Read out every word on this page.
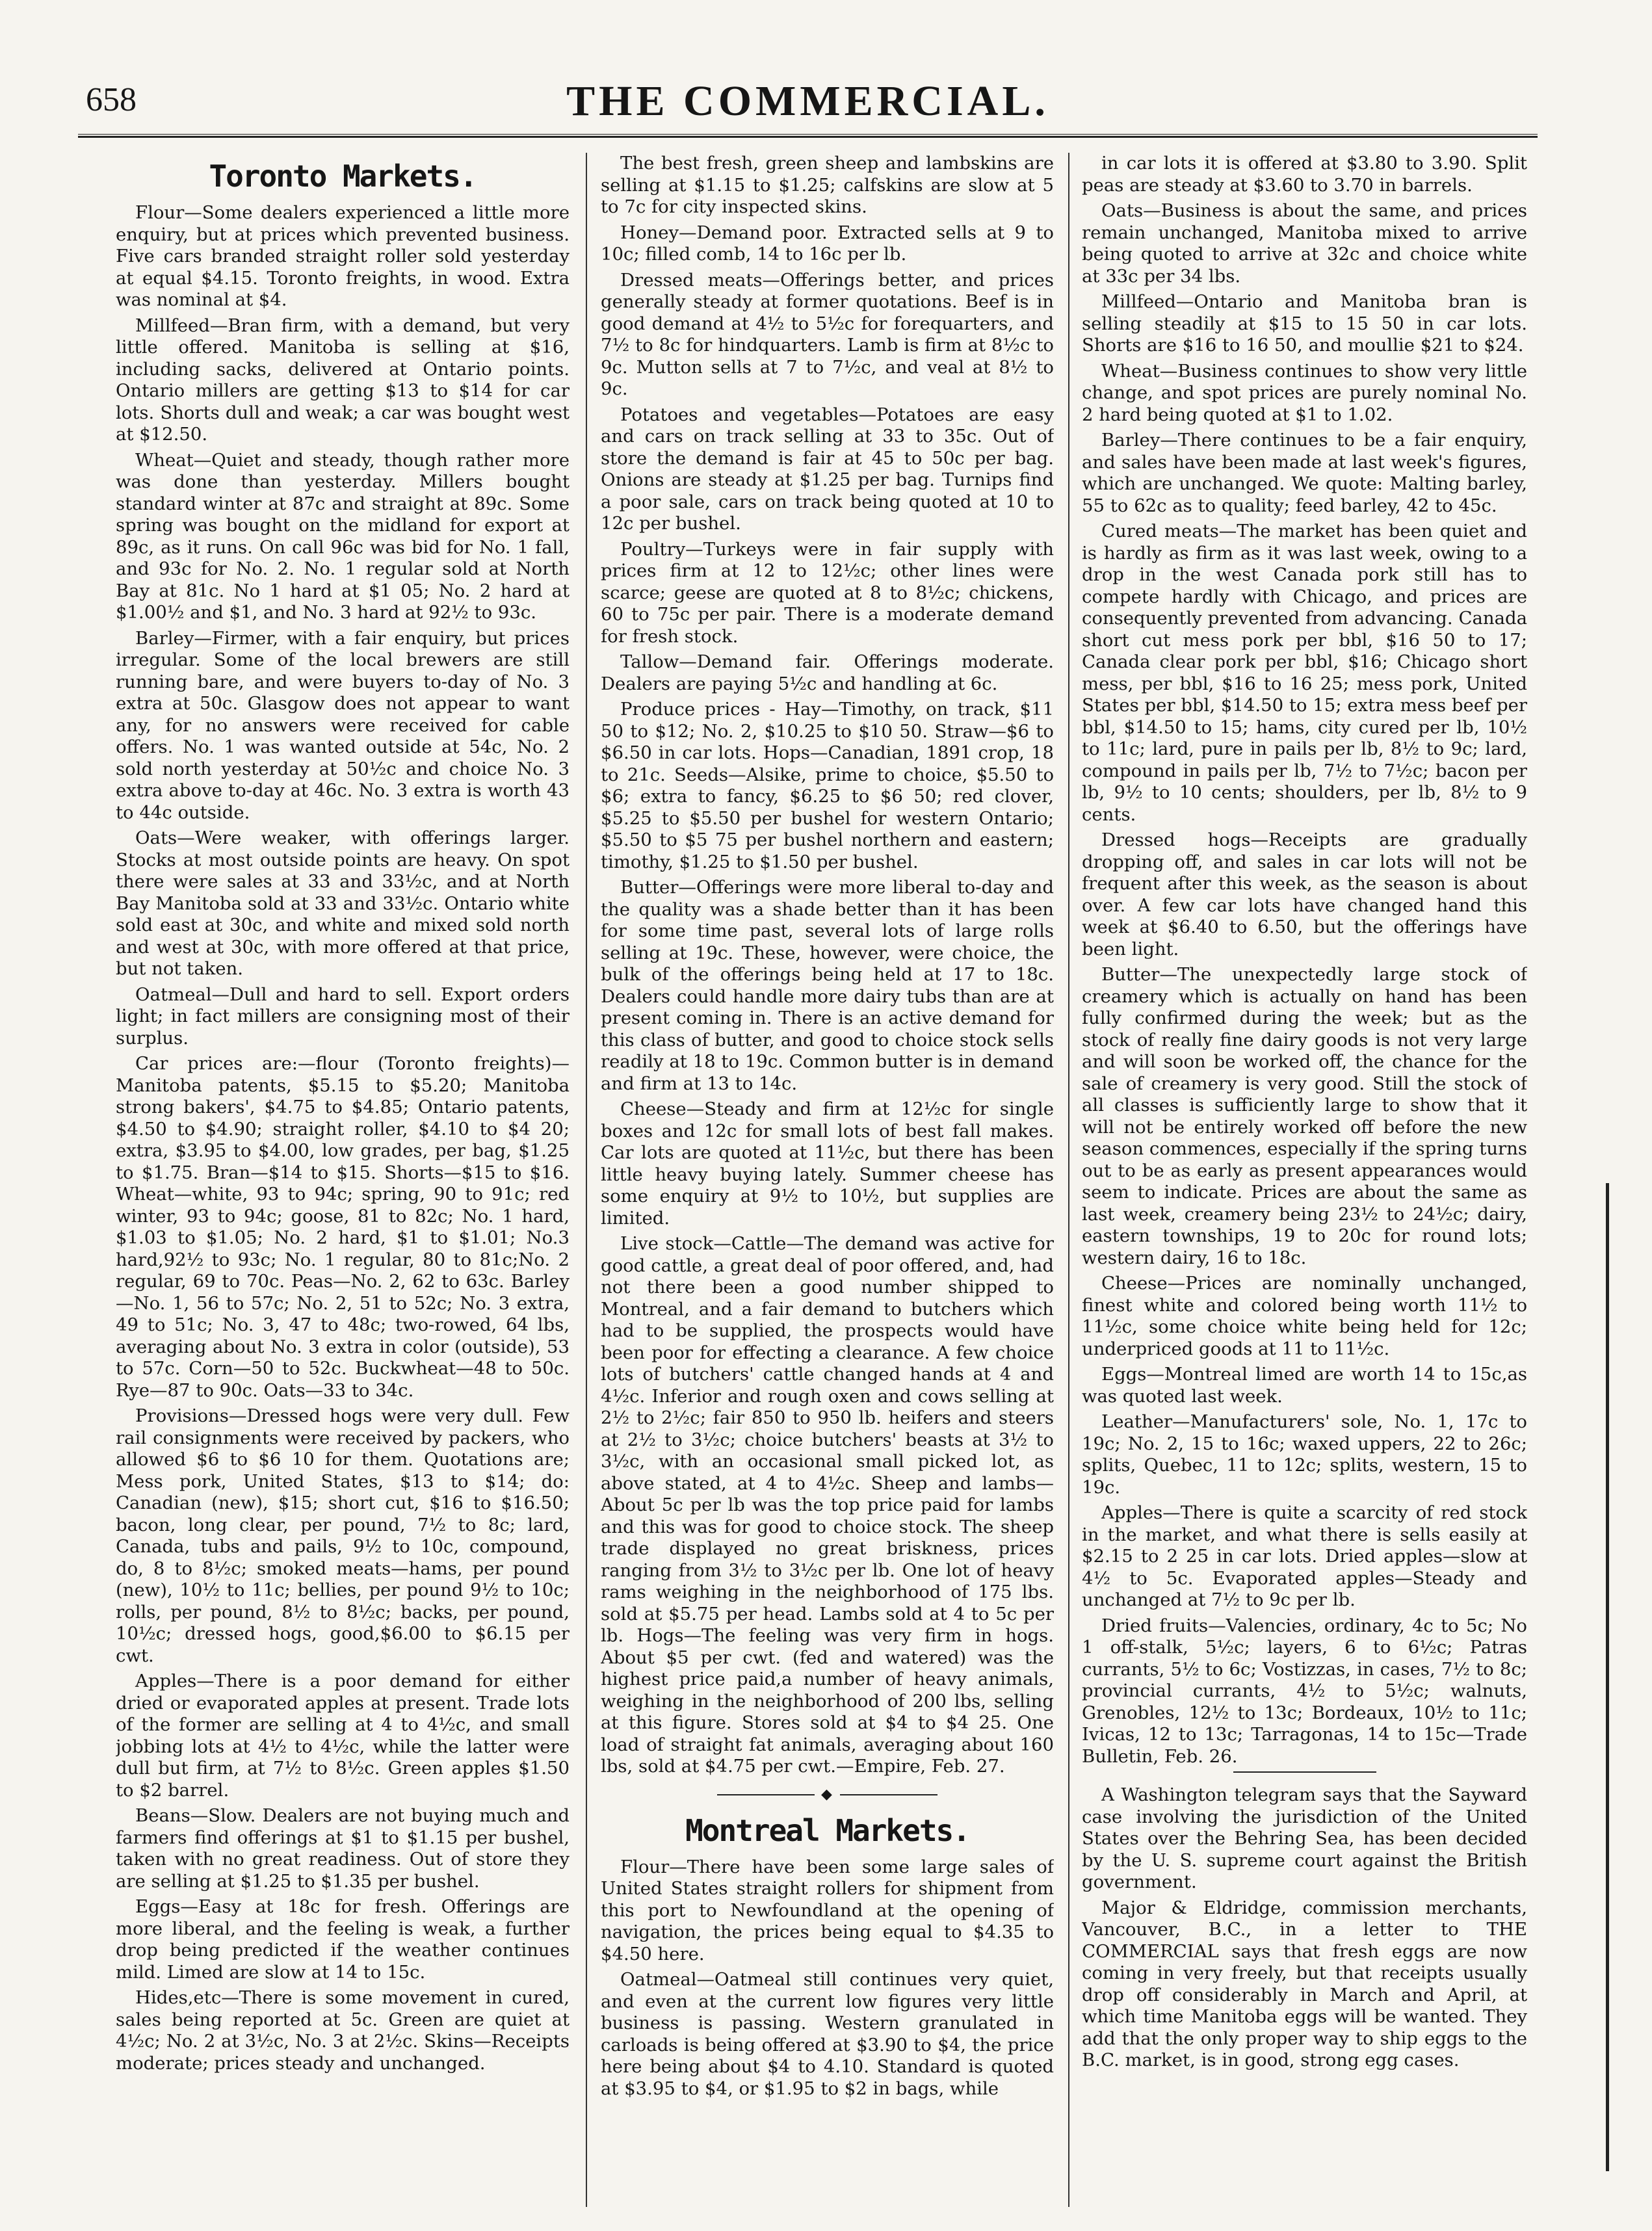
658	THE COMMERCIAL.
Toronto Markets.

Flour—Some dealers experienced a little more enquiry, but at prices which prevented business. Five cars branded straight roller sold yesterday at equal $4.15. Toronto freights, in wood. Extra was nominal at $4.

Millfeed—Bran firm, with a demand, but very little offered. Manitoba is selling at $16, including sacks, delivered at Ontario points. Ontario millers are getting $13 to $14 for car lots. Shorts dull and weak; a car was bought west at $12.50.

Wheat—Quiet and steady, though rather more was done than yesterday. Millers bought standard winter at 87c and straight at 89c. Some spring was bought on the midland for export at 89c, as it runs. On call 96c was bid for No. 1 fall, and 93c for No. 2. No. 1 regular sold at North Bay at 81c. No 1 hard at $1 05; No. 2 hard at $1.00½ and $1, and No. 3 hard at 92½ to 93c.

Barley—Firmer, with a fair enquiry, but prices irregular. Some of the local brewers are still running bare, and were buyers to-day of No. 3 extra at 50c. Glasgow does not appear to want any, for no answers were received for cable offers. No. 1 was wanted outside at 54c, No. 2 sold north yesterday at 50½c and choice No. 3 extra above to-day at 46c. No. 3 extra is worth 43 to 44c outside.

Oats—Were weaker, with offerings larger. Stocks at most outside points are heavy. On spot there were sales at 33 and 33½c, and at North Bay Manitoba sold at 33 and 33½c. Ontario white sold east at 30c, and white and mixed sold north and west at 30c, with more offered at that price, but not taken.

Oatmeal—Dull and hard to sell. Export orders light; in fact millers are consigning most of their surplus.

Car prices are:—flour (Toronto freights)—Manitoba patents, $5.15 to $5.20; Manitoba strong bakers', $4.75 to $4.85; Ontario patents, $4.50 to $4.90; straight roller, $4.10 to $4 20; extra, $3.95 to $4.00, low grades, per bag, $1.25 to $1.75. Bran—$14 to $15. Shorts—$15 to $16. Wheat—white, 93 to 94c; spring, 90 to 91c; red winter, 93 to 94c; goose, 81 to 82c; No. 1 hard, $1.03 to $1.05; No. 2 hard, $1 to $1.01; No.3 hard,92½ to 93c; No. 1 regular, 80 to 81c;No. 2 regular, 69 to 70c. Peas—No. 2, 62 to 63c. Barley—No. 1, 56 to 57c; No. 2, 51 to 52c; No. 3 extra, 49 to 51c; No. 3, 47 to 48c; two-rowed, 64 lbs, averaging about No. 3 extra in color (outside), 53 to 57c. Corn—50 to 52c. Buckwheat—48 to 50c. Rye—87 to 90c. Oats—33 to 34c.

Provisions—Dressed hogs were very dull. Few rail consignments were received by packers, who allowed $6 to $6 10 for them. Quotations are; Mess pork, United States, $13 to $14; do: Canadian (new), $15; short cut, $16 to $16.50; bacon, long clear, per pound, 7½ to 8c; lard, Canada, tubs and pails, 9½ to 10c, compound, do, 8 to 8½c; smoked meats—hams, per pound (new), 10½ to 11c; bellies, per pound 9½ to 10c; rolls, per pound, 8½ to 8½c; backs, per pound, 10½c; dressed hogs, good,$6.00 to $6.15 per cwt.

Apples—There is a poor demand for either dried or evaporated apples at present. Trade lots of the former are selling at 4 to 4½c, and small jobbing lots at 4½ to 4½c, while the latter were dull but firm, at 7½ to 8½c. Green apples $1.50 to $2 barrel.

Beans—Slow. Dealers are not buying much and farmers find offerings at $1 to $1.15 per bushel, taken with no great readiness. Out of store they are selling at $1.25 to $1.35 per bushel.

Eggs—Easy at 18c for fresh. Offerings are more liberal, and the feeling is weak, a further drop being predicted if the weather continues mild. Limed are slow at 14 to 15c.

Hides,etc—There is some movement in cured, sales being reported at 5c. Green are quiet at 4½c; No. 2 at 3½c, No. 3 at 2½c. Skins—Receipts moderate; prices steady and unchanged.

The best fresh, green sheep and lambskins are selling at $1.15 to $1.25; calfskins are slow at 5 to 7c for city inspected skins.

Honey—Demand poor. Extracted sells at 9 to 10c; filled comb, 14 to 16c per lb.

Dressed meats—Offerings better, and prices generally steady at former quotations. Beef is in good demand at 4½ to 5½c for forequarters, and 7½ to 8c for hindquarters. Lamb is firm at 8½c to 9c. Mutton sells at 7 to 7½c, and veal at 8½ to 9c.

Potatoes and vegetables—Potatoes are easy and cars on track selling at 33 to 35c. Out of store the demand is fair at 45 to 50c per bag. Onions are steady at $1.25 per bag. Turnips find a poor sale, cars on track being quoted at 10 to 12c per bushel.

Poultry—Turkeys were in fair supply with prices firm at 12 to 12½c; other lines were scarce; geese are quoted at 8 to 8½c; chickens, 60 to 75c per pair. There is a moderate demand for fresh stock.

Tallow—Demand fair. Offerings moderate. Dealers are paying 5½c and handling at 6c.

Produce prices - Hay—Timothy, on track, $11 50 to $12; No. 2, $10.25 to $10 50. Straw—$6 to $6.50 in car lots. Hops—Canadian, 1891 crop, 18 to 21c. Seeds—Alsike, prime to choice, $5.50 to $6; extra to fancy, $6.25 to $6 50; red clover, $5.25 to $5.50 per bushel for western Ontario; $5.50 to $5 75 per bushel northern and eastern; timothy, $1.25 to $1.50 per bushel.

Butter—Offerings were more liberal to-day and the quality was a shade better than it has been for some time past, several lots of large rolls selling at 19c. These, however, were choice, the bulk of the offerings being held at 17 to 18c. Dealers could handle more dairy tubs than are at present coming in. There is an active demand for this class of butter, and good to choice stock sells readily at 18 to 19c. Common butter is in demand and firm at 13 to 14c.

Cheese—Steady and firm at 12½c for single boxes and 12c for small lots of best fall makes. Car lots are quoted at 11½c, but there has been little heavy buying lately. Summer cheese has some enquiry at 9½ to 10½, but supplies are limited.

Live stock—Cattle—The demand was active for good cattle, a great deal of poor offered, and, had not there been a good number shipped to Montreal, and a fair demand to butchers which had to be supplied, the prospects would have been poor for effecting a clearance. A few choice lots of butchers' cattle changed hands at 4 and 4½c. Inferior and rough oxen and cows selling at 2½ to 2½c; fair 850 to 950 lb. heifers and steers at 2½ to 3½c; choice butchers' beasts at 3½ to 3½c, with an occasional small picked lot, as above stated, at 4 to 4½c. Sheep and lambs—About 5c per lb was the top price paid for lambs and this was for good to choice stock. The sheep trade displayed no great briskness, prices ranging from 3½ to 3½c per lb. One lot of heavy rams weighing in the neighborhood of 175 lbs. sold at $5.75 per head. Lambs sold at 4 to 5c per lb. Hogs—The feeling was very firm in hogs. About $5 per cwt. (fed and watered) was the highest price paid,a number of heavy animals, weighing in the neighborhood of 200 lbs, selling at this figure. Stores sold at $4 to $4 25. One load of straight fat animals, averaging about 160 lbs, sold at $4.75 per cwt.—Empire, Feb. 27.

◆
Montreal Markets.

Flour—There have been some large sales of United States straight rollers for shipment from this port to Newfoundland at the opening of navigation, the prices being equal to $4.35 to $4.50 here.

Oatmeal—Oatmeal still continues very quiet, and even at the current low figures very little business is passing. Western granulated in carloads is being offered at $3.90 to $4, the price here being about $4 to 4.10. Standard is quoted at $3.95 to $4, or $1.95 to $2 in bags, while

in car lots it is offered at $3.80 to 3.90. Split peas are steady at $3.60 to 3.70 in barrels.

Oats—Business is about the same, and prices remain unchanged, Manitoba mixed to arrive being quoted to arrive at 32c and choice white at 33c per 34 lbs.

Millfeed—Ontario and Manitoba bran is selling steadily at $15 to 15 50 in car lots. Shorts are $16 to 16 50, and moullie $21 to $24.

Wheat—Business continues to show very little change, and spot prices are purely nominal No. 2 hard being quoted at $1 to 1.02.

Barley—There continues to be a fair enquiry, and sales have been made at last week's figures, which are unchanged. We quote: Malting barley, 55 to 62c as to quality; feed barley, 42 to 45c.

Cured meats—The market has been quiet and is hardly as firm as it was last week, owing to a drop in the west Canada pork still has to compete hardly with Chicago, and prices are consequently prevented from advancing. Canada short cut mess pork per bbl, $16 50 to 17; Canada clear pork per bbl, $16; Chicago short mess, per bbl, $16 to 16 25; mess pork, United States per bbl, $14.50 to 15; extra mess beef per bbl, $14.50 to 15; hams, city cured per lb, 10½ to 11c; lard, pure in pails per lb, 8½ to 9c; lard, compound in pails per lb, 7½ to 7½c; bacon per lb, 9½ to 10 cents; shoulders, per lb, 8½ to 9 cents.

Dressed hogs—Receipts are gradually dropping off, and sales in car lots will not be frequent after this week, as the season is about over. A few car lots have changed hand this week at $6.40 to 6.50, but the offerings have been light.

Butter—The unexpectedly large stock of creamery which is actually on hand has been fully confirmed during the week; but as the stock of really fine dairy goods is not very large and will soon be worked off, the chance for the sale of creamery is very good. Still the stock of all classes is sufficiently large to show that it will not be entirely worked off before the new season commences, especially if the spring turns out to be as early as present appearances would seem to indicate. Prices are about the same as last week, creamery being 23½ to 24½c; dairy, eastern townships, 19 to 20c for round lots; western dairy, 16 to 18c.

Cheese—Prices are nominally unchanged, finest white and colored being worth 11½ to 11½c, some choice white being held for 12c; underpriced goods at 11 to 11½c.

Eggs—Montreal limed are worth 14 to 15c,as was quoted last week.

Leather—Manufacturers' sole, No. 1, 17c to 19c; No. 2, 15 to 16c; waxed uppers, 22 to 26c; splits, Quebec, 11 to 12c; splits, western, 15 to 19c.

Apples—There is quite a scarcity of red stock in the market, and what there is sells easily at $2.15 to 2 25 in car lots. Dried apples—slow at 4½ to 5c. Evaporated apples—Steady and unchanged at 7½ to 9c per lb.

Dried fruits—Valencies, ordinary, 4c to 5c; No 1 off-stalk, 5½c; layers, 6 to 6½c; Patras currants, 5½ to 6c; Vostizzas, in cases, 7½ to 8c; provincial currants, 4½ to 5½c; walnuts, Grenobles, 12½ to 13c; Bordeaux, 10½ to 11c; Ivicas, 12 to 13c; Tarragonas, 14 to 15c—Trade Bulletin, Feb. 26.

A Washington telegram says that the Sayward case involving the jurisdiction of the United States over the Behring Sea, has been decided by the U. S. supreme court against the British government.

Major & Eldridge, commission merchants, Vancouver, B.C., in a letter to THE COMMERCIAL says that fresh eggs are now coming in very freely, but that receipts usually drop off considerably in March and April, at which time Manitoba eggs will be wanted. They add that the only proper way to ship eggs to the B.C. market, is in good, strong egg cases.
